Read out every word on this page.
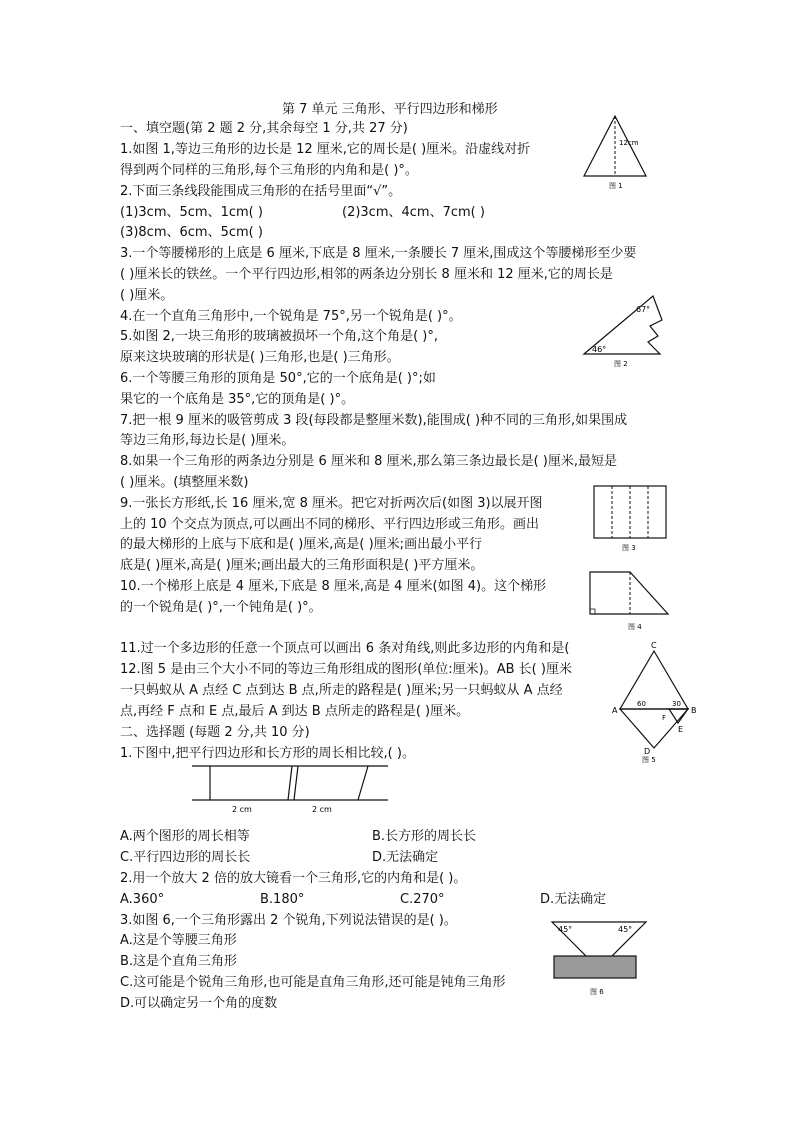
第 7 单元 三角形、平行四边形和梯形
一、填空题(第 2 题 2 分,其余每空 1 分,共 27 分)
1.如图 1,等边三角形的边长是 12 厘米,它的周长是( )厘米。沿虚线对折
得到两个同样的三角形,每个三角形的内角和是( )°。
2.下面三条线段能围成三角形的在括号里面“√”。
(1)3cm、5cm、1cm( )	(2)3cm、4cm、7cm( )
(3)8cm、6cm、5cm( )
3.一个等腰梯形的上底是 6 厘米,下底是 8 厘米,一条腰长 7 厘米,围成这个等腰梯形至少要
( )厘米长的铁丝。一个平行四边形,相邻的两条边分别长 8 厘米和 12 厘米,它的周长是
( )厘米。
4.在一个直角三角形中,一个锐角是 75°,另一个锐角是( )°。
5.如图 2,一块三角形的玻璃被损坏一个角,这个角是( )°,
原来这块玻璃的形状是( )三角形,也是( )三角形。
6.一个等腰三角形的顶角是 50°,它的一个底角是( )°;如
果它的一个底角是 35°,它的顶角是( )°。
7.把一根 9 厘米的吸管剪成 3 段(每段都是整厘米数),能围成( )种不同的三角形,如果围成
等边三角形,每边长是( )厘米。
8.如果一个三角形的两条边分别是 6 厘米和 8 厘米,那么第三条边最长是( )厘米,最短是
( )厘米。(填整厘米数)
9.一张长方形纸,长 16 厘米,宽 8 厘米。把它对折两次后(如图 3)以展开图
上的 10 个交点为顶点,可以画出不同的梯形、平行四边形或三角形。画出
的最大梯形的上底与下底和是( )厘米,高是( )厘米;画出最小平行
底是( )厘米,高是( )厘米;画出最大的三角形面积是( )平方厘米。
10.一个梯形上底是 4 厘米,下底是 8 厘米,高是 4 厘米(如图 4)。这个梯形
的一个锐角是( )°,一个钝角是( )°。
11.过一个多边形的任意一个顶点可以画出 6 条对角线,则此多边形的内角和是(
12.图 5 是由三个大小不同的等边三角形组成的图形(单位:厘米)。AB 长( )厘米
一只蚂蚁从 A 点经 C 点到达 B 点,所走的路程是( )厘米;另一只蚂蚁从 A 点经
点,再经 F 点和 E 点,最后 A 到达 B 点所走的路程是( )厘米。
二、选择题 (每题 2 分,共 10 分)
1.下图中,把平行四边形和长方形的周长相比较,( )。
A.两个图形的周长相等	B.长方形的周长长
C.平行四边形的周长长	D.无法确定
2.用一个放大 2 倍的放大镜看一个三角形,它的内角和是( )。
A.360°	B.180°	C.270°	D.无法确定
3.如图 6,一个三角形露出 2 个锐角,下列说法错误的是( )。
A.这是个等腰三角形
B.这是个直角三角形
C.这可能是个锐角三角形,也可能是直角三角形,还可能是钝角三角形
D.可以确定另一个角的度数
12cm
图 1
67°
46°
图 2
图 3
图 4
C
A	B
D
E
F
60	30
图 5
2 cm	2 cm
45°	45°
图 6
